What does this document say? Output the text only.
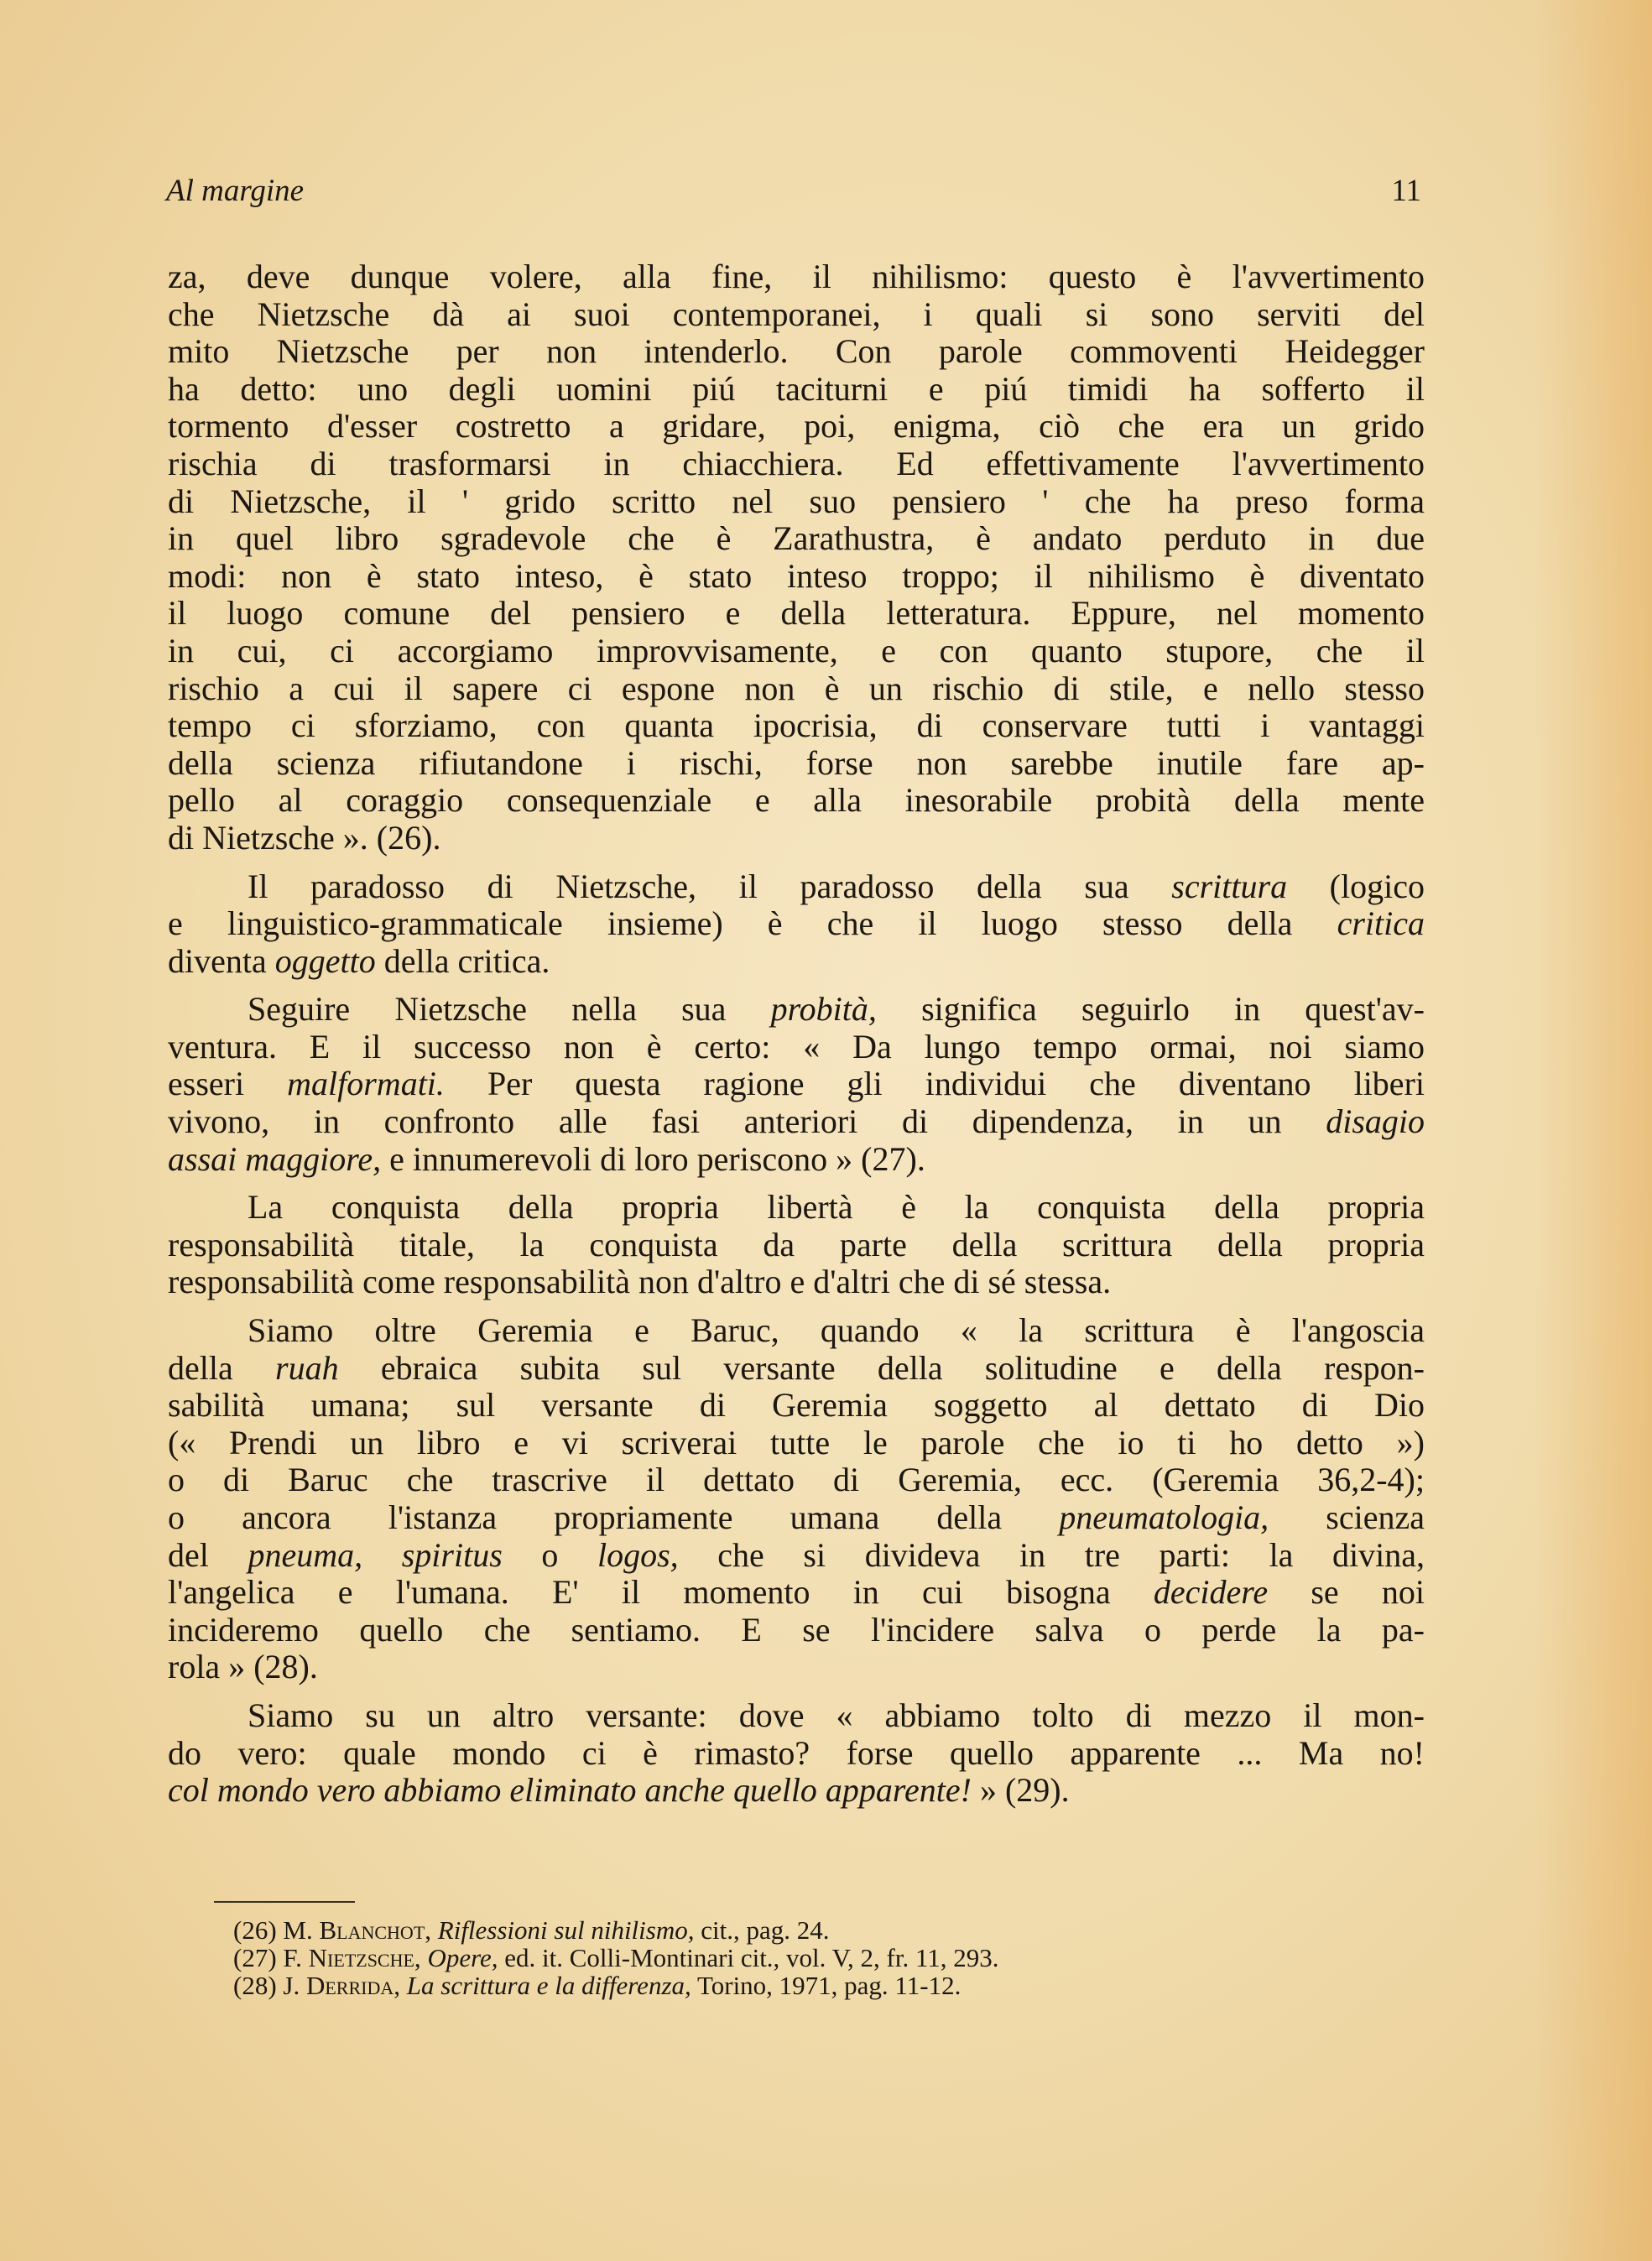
Al margine	11
za, deve dunque volere, alla fine, il nihilismo: questo è l'avvertimento
che Nietzsche dà ai suoi contemporanei, i quali si sono serviti del
mito Nietzsche per non intenderlo. Con parole commoventi Heidegger
ha detto: uno degli uomini piú taciturni e piú timidi ha sofferto il
tormento d'esser costretto a gridare, poi, enigma, ciò che era un grido
rischia di trasformarsi in chiacchiera. Ed effettivamente l'avvertimento
di Nietzsche, il ' grido scritto nel suo pensiero ' che ha preso forma
in quel libro sgradevole che è Zarathustra, è andato perduto in due
modi: non è stato inteso, è stato inteso troppo; il nihilismo è diventato
il luogo comune del pensiero e della letteratura. Eppure, nel momento
in cui, ci accorgiamo improvvisamente, e con quanto stupore, che il
rischio a cui il sapere ci espone non è un rischio di stile, e nello stesso
tempo ci sforziamo, con quanta ipocrisia, di conservare tutti i vantaggi
della scienza rifiutandone i rischi, forse non sarebbe inutile fare ap-
pello al coraggio consequenziale e alla inesorabile probità della mente
di Nietzsche ». (26).
Il paradosso di Nietzsche, il paradosso della sua scrittura (logico
e linguistico-grammaticale insieme) è che il luogo stesso della critica
diventa oggetto della critica.
Seguire Nietzsche nella sua probità, significa seguirlo in quest'av-
ventura. E il successo non è certo: « Da lungo tempo ormai, noi siamo
esseri malformati. Per questa ragione gli individui che diventano liberi
vivono, in confronto alle fasi anteriori di dipendenza, in un disagio
assai maggiore, e innumerevoli di loro periscono » (27).
La conquista della propria libertà è la conquista della propria
responsabilità titale, la conquista da parte della scrittura della propria
responsabilità come responsabilità non d'altro e d'altri che di sé stessa.
Siamo oltre Geremia e Baruc, quando « la scrittura è l'angoscia
della ruah ebraica subita sul versante della solitudine e della respon-
sabilità umana; sul versante di Geremia soggetto al dettato di Dio
(« Prendi un libro e vi scriverai tutte le parole che io ti ho detto »)
o di Baruc che trascrive il dettato di Geremia, ecc. (Geremia 36,2-4);
o ancora l'istanza propriamente umana della pneumatologia, scienza
del pneuma, spiritus o logos, che si divideva in tre parti: la divina,
l'angelica e l'umana. E' il momento in cui bisogna decidere se noi
incideremo quello che sentiamo. E se l'incidere salva o perde la pa-
rola » (28).
Siamo su un altro versante: dove « abbiamo tolto di mezzo il mon-
do vero: quale mondo ci è rimasto? forse quello apparente ... Ma no!
col mondo vero abbiamo eliminato anche quello apparente! » (29).
(26) M. Blanchot, Riflessioni sul nihilismo, cit., pag. 24.
(27) F. Nietzsche, Opere, ed. it. Colli-Montinari cit., vol. V, 2, fr. 11, 293.
(28) J. Derrida, La scrittura e la differenza, Torino, 1971, pag. 11-12.
